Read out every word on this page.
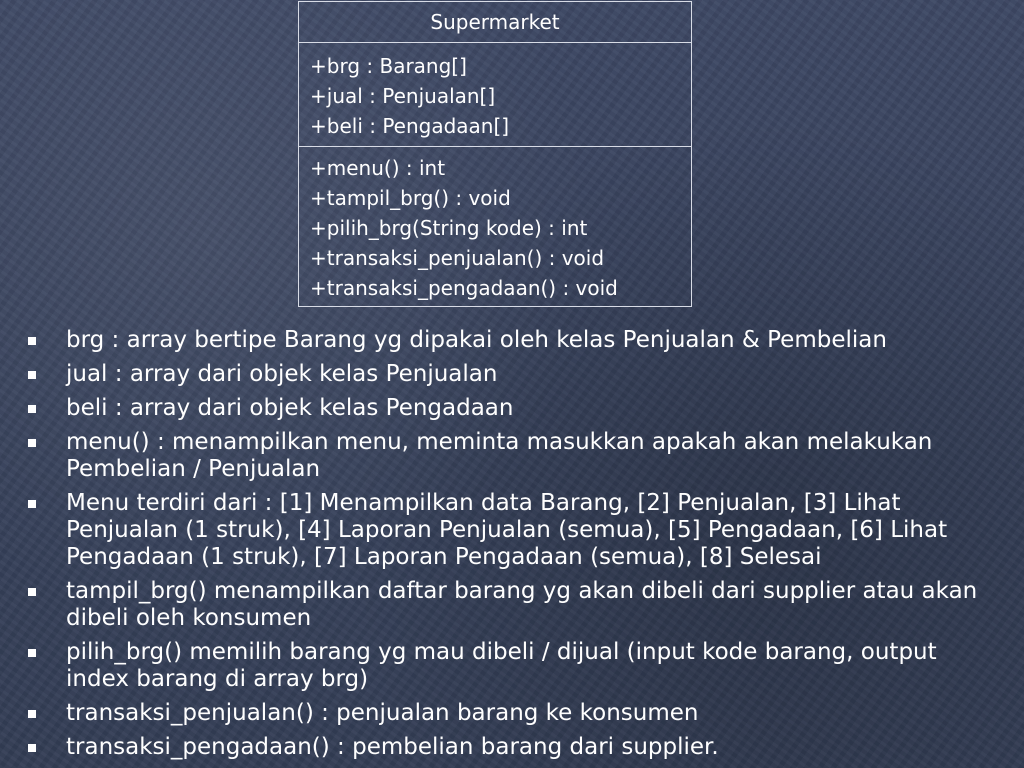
Supermarket
+brg : Barang[]
+jual : Penjualan[]
+beli : Pengadaan[]
+menu() : int
+tampil_brg() : void
+pilih_brg(String kode) : int
+transaksi_penjualan() : void
+transaksi_pengadaan() : void
brg : array bertipe Barang yg dipakai oleh kelas Penjualan & Pembelian
jual : array dari objek kelas Penjualan
beli : array dari objek kelas Pengadaan
menu() : menampilkan menu, meminta masukkan apakah akan melakukan Pembelian / Penjualan
Menu terdiri dari : [1] Menampilkan data Barang, [2] Penjualan, [3] Lihat Penjualan (1 struk), [4] Laporan Penjualan (semua), [5] Pengadaan, [6] Lihat Pengadaan (1 struk), [7] Laporan Pengadaan (semua), [8] Selesai
tampil_brg() menampilkan daftar barang yg akan dibeli dari supplier atau akan dibeli oleh konsumen
pilih_brg() memilih barang yg mau dibeli / dijual (input kode barang, output index barang di array brg)
transaksi_penjualan() : penjualan barang ke konsumen
transaksi_pengadaan() : pembelian barang dari supplier.
